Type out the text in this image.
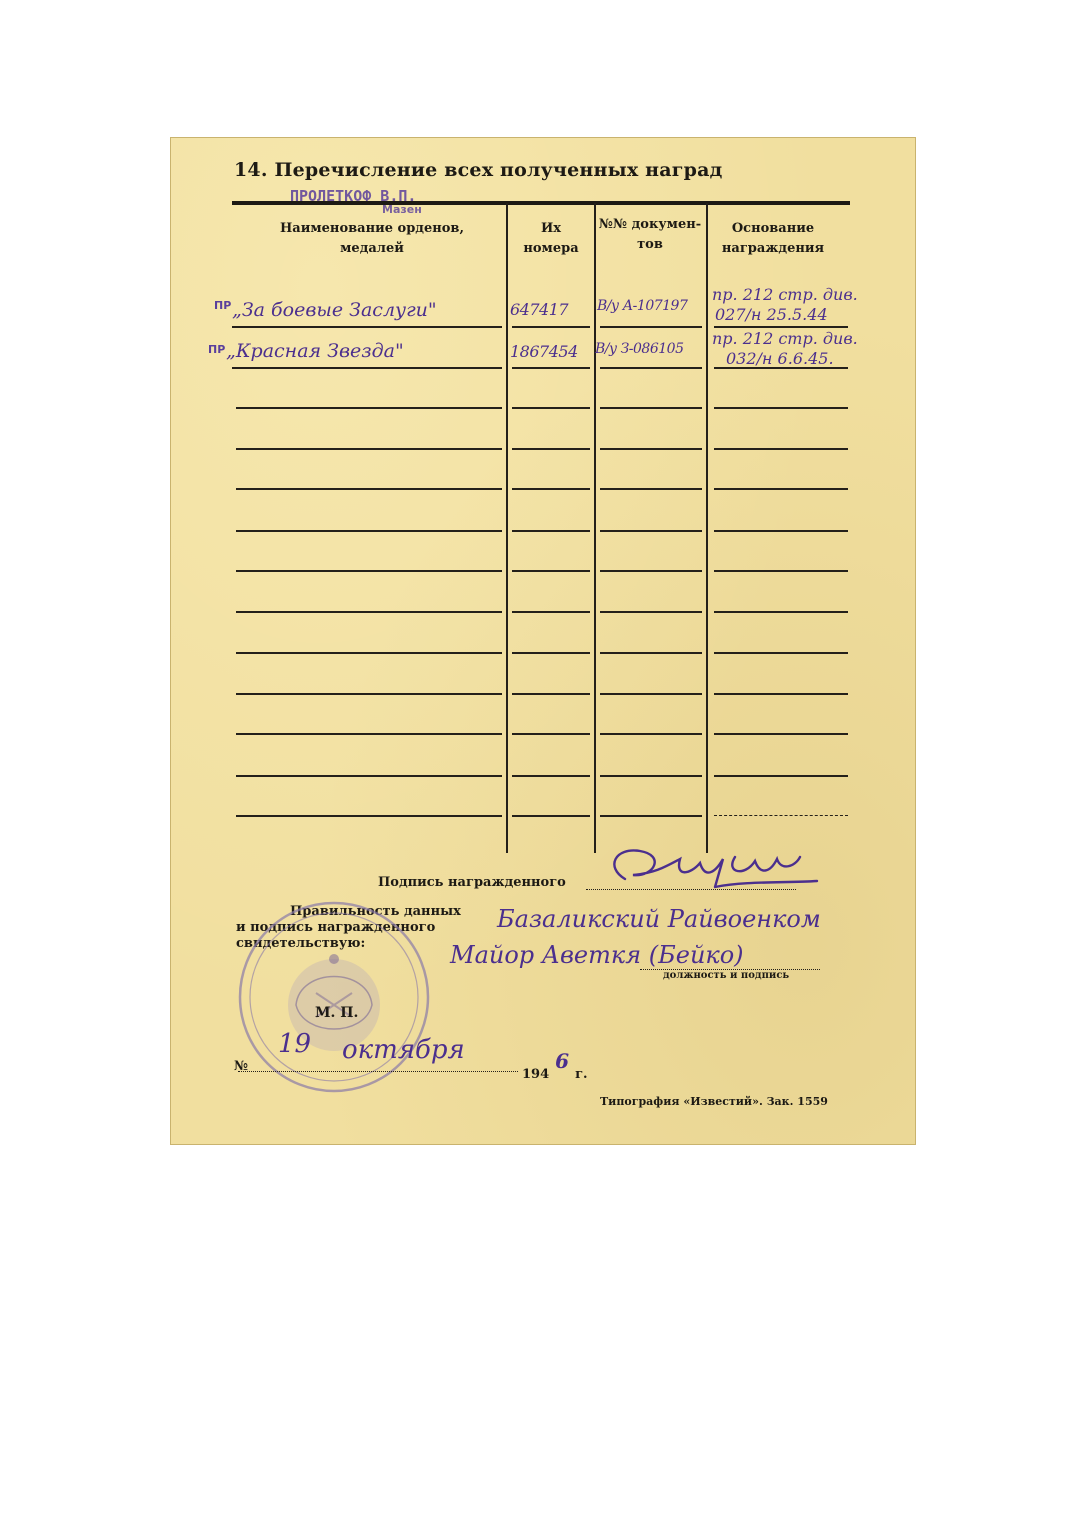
14. Перечисление всех полученных наград
ПРОЛЕТКОФ В.П.
Мазен
Наименование орденов, медалей
Их номера
№№ докумен-тов
Основание награждения
ПР „За боевые Заслуги"	647417 В/у А-107197
пр. 212 стр. див.
027/н 25.5.44
ПР „Красная Звезда"	1867454 В/у З-086105
пр. 212 стр. див.
032/н 6.6.45.
Подпись награжденного
Правильность данных
и подпись награжденного
свидетельствую:
Базаликский Райвоенком
Майор Аветкя (Бейко)
должность и подпись
М. П.
№
19 октября
1946г.
Типография «Известий». Зак. 1559
